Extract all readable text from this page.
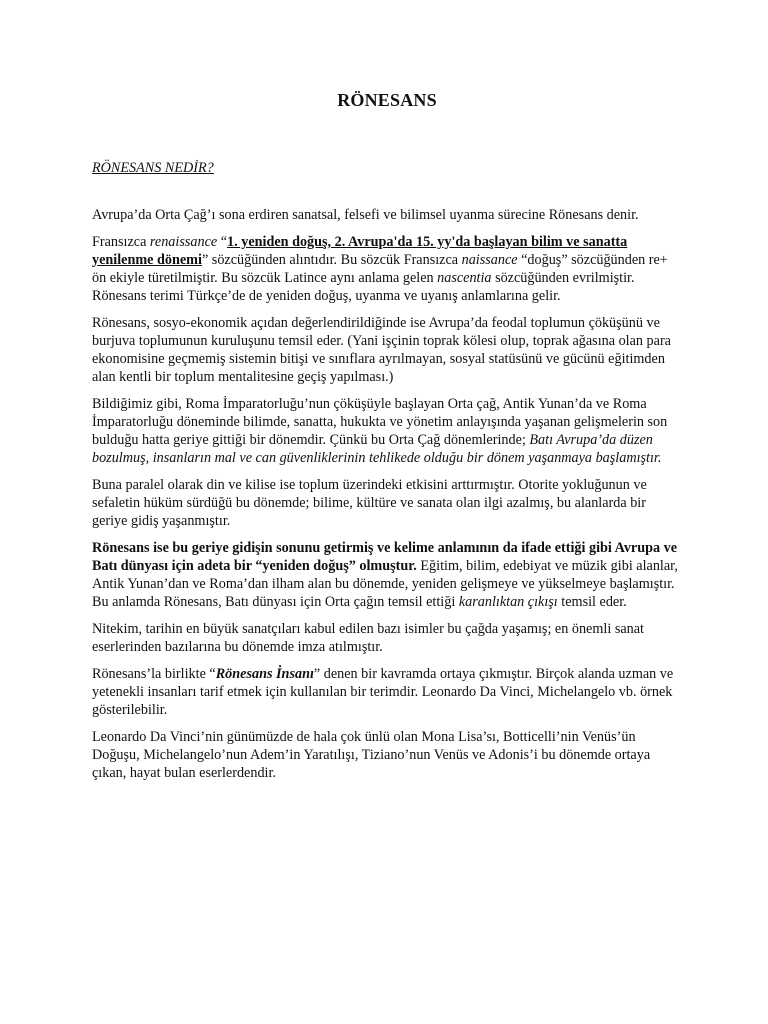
RÖNESANS
RÖNESANS NEDİR?

Avrupa’da Orta Çağ’ı sona erdiren sanatsal, felsefi ve bilimsel uyanma sürecine Rönesans denir.

Fransızca renaissance “1. yeniden doğuş, 2. Avrupa'da 15. yy'da başlayan bilim ve sanatta yenilenme dönemi” sözcüğünden alıntıdır. Bu sözcük Fransızca naissance “doğuş” sözcüğünden re+ ön ekiyle türetilmiştir. Bu sözcük Latince aynı anlama gelen nascentia sözcüğünden evrilmiştir. Rönesans terimi Türkçe’de de yeniden doğuş, uyanma ve uyanış anlamlarına gelir.

Rönesans, sosyo-ekonomik açıdan değerlendirildiğinde ise Avrupa’da feodal toplumun çöküşünü ve burjuva toplumunun kuruluşunu temsil eder. (Yani işçinin toprak kölesi olup, toprak ağasına olan para ekonomisine geçmemiş sistemin bitişi ve sınıflara ayrılmayan, sosyal statüsünü ve gücünü eğitimden alan kentli bir toplum mentalitesine geçiş yapılması.)

Bildiğimiz gibi, Roma İmparatorluğu’nun çöküşüyle başlayan Orta çağ, Antik Yunan’da ve Roma İmparatorluğu döneminde bilimde, sanatta, hukukta ve yönetim anlayışında yaşanan gelişmelerin son bulduğu hatta geriye gittiği bir dönemdir. Çünkü bu Orta Çağ dönemlerinde; Batı Avrupa’da düzen bozulmuş, insanların mal ve can güvenliklerinin tehlikede olduğu bir dönem yaşanmaya başlamıştır.

Buna paralel olarak din ve kilise ise toplum üzerindeki etkisini arttırmıştır. Otorite yokluğunun ve sefaletin hüküm sürdüğü bu dönemde; bilime, kültüre ve sanata olan ilgi azalmış, bu alanlarda bir geriye gidiş yaşanmıştır.

Rönesans ise bu geriye gidişin sonunu getirmiş ve kelime anlamının da ifade ettiği gibi Avrupa ve Batı dünyası için adeta bir “yeniden doğuş” olmuştur. Eğitim, bilim, edebiyat ve müzik gibi alanlar, Antik Yunan’dan ve Roma’dan ilham alan bu dönemde, yeniden gelişmeye ve yükselmeye başlamıştır. Bu anlamda Rönesans, Batı dünyası için Orta çağın temsil ettiği karanlıktan çıkışı temsil eder.

Nitekim, tarihin en büyük sanatçıları kabul edilen bazı isimler bu çağda yaşamış; en önemli sanat eserlerinden bazılarına bu dönemde imza atılmıştır.

Rönesans’la birlikte “Rönesans İnsanı” denen bir kavramda ortaya çıkmıştır. Birçok alanda uzman ve yetenekli insanları tarif etmek için kullanılan bir terimdir. Leonardo Da Vinci, Michelangelo vb. örnek gösterilebilir.

Leonardo Da Vinci’nin günümüzde de hala çok ünlü olan Mona Lisa’sı, Botticelli’nin Venüs’ün Doğuşu, Michelangelo’nun Adem’in Yaratılışı, Tiziano’nun Venüs ve Adonis’i bu dönemde ortaya çıkan, hayat bulan eserlerdendir.
